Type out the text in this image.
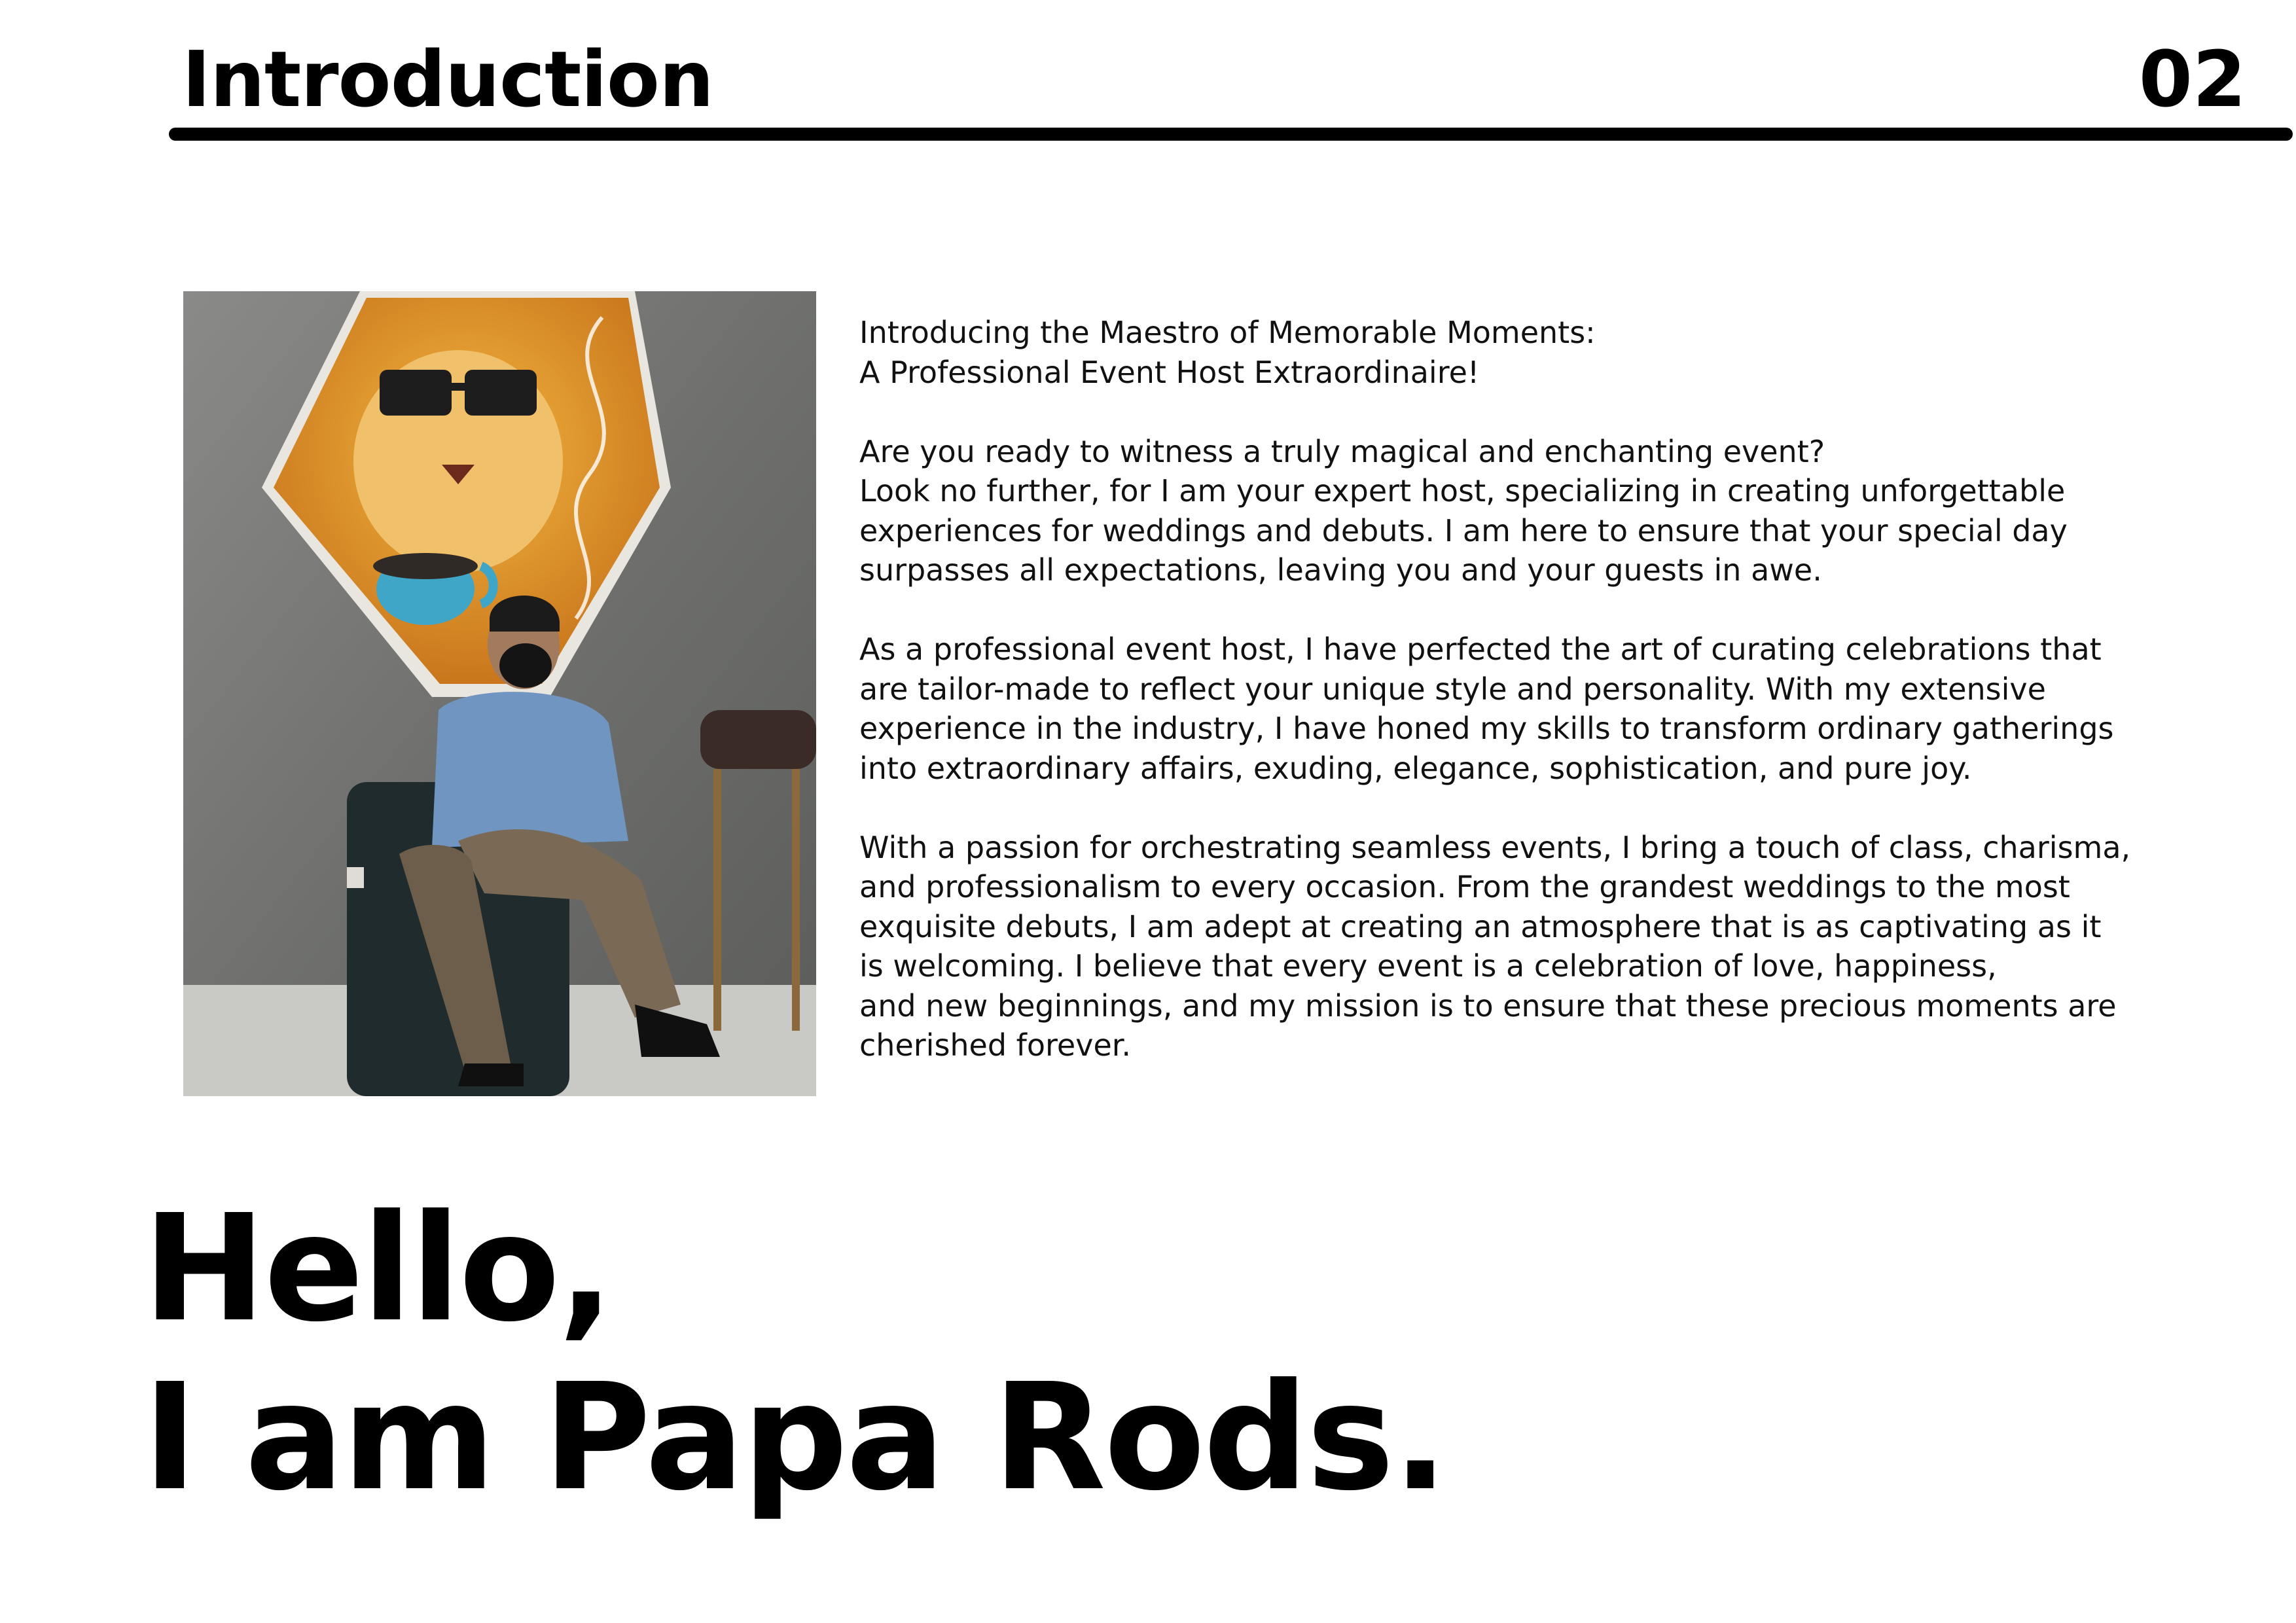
Introduction	02
Introducing the Maestro of Memorable Moments:
A Professional Event Host Extraordinaire!
Are you ready to witness a truly magical and enchanting event?
Look no further, for I am your expert host, specializing in creating unforgettable
experiences for weddings and debuts. I am here to ensure that your special day
surpasses all expectations, leaving you and your guests in awe.
As a professional event host, I have perfected the art of curating celebrations that
are tailor-made to reflect your unique style and personality. With my extensive
experience in the industry, I have honed my skills to transform ordinary gatherings
into extraordinary affairs, exuding, elegance, sophistication, and pure joy.
With a passion for orchestrating seamless events, I bring a touch of class, charisma,
and professionalism to every occasion. From the grandest weddings to the most
exquisite debuts, I am adept at creating an atmosphere that is as captivating as it
is welcoming. I believe that every event is a celebration of love, happiness,
and new beginnings, and my mission is to ensure that these precious moments are
cherished forever.
Hello,
I am Papa Rods.
